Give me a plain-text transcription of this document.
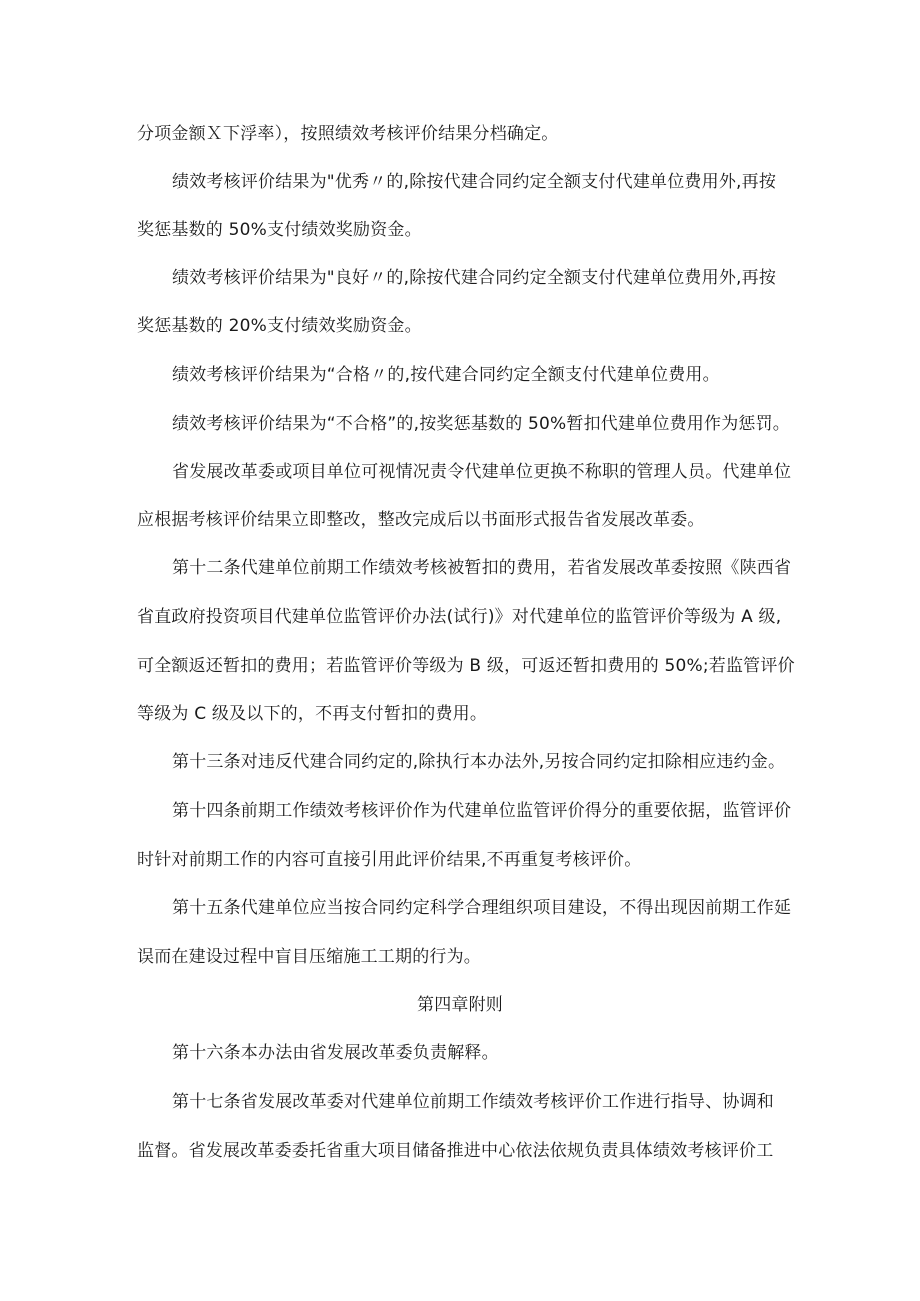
分项金额Ｘ下浮率），按照绩效考核评价结果分档确定。
绩效考核评价结果为"优秀〃的,除按代建合同约定全额支付代建单位费用外,再按
奖惩基数的 50%支付绩效奖励资金。
绩效考核评价结果为"良好〃的,除按代建合同约定全额支付代建单位费用外,再按
奖惩基数的 20%支付绩效奖励资金。
绩效考核评价结果为“合格〃的,按代建合同约定全额支付代建单位费用。
绩效考核评价结果为“不合格”的,按奖惩基数的 50%暂扣代建单位费用作为惩罚。
省发展改革委或项目单位可视情况责令代建单位更换不称职的管理人员。代建单位
应根据考核评价结果立即整改，整改完成后以书面形式报告省发展改革委。
第十二条代建单位前期工作绩效考核被暂扣的费用，若省发展改革委按照《陕西省
省直政府投资项目代建单位监管评价办法(试行)》对代建单位的监管评价等级为 A 级,
可全额返还暂扣的费用；若监管评价等级为 B 级，可返还暂扣费用的 50%;若监管评价
等级为 C 级及以下的，不再支付暂扣的费用。
第十三条对违反代建合同约定的,除执行本办法外,另按合同约定扣除相应违约金。
第十四条前期工作绩效考核评价作为代建单位监管评价得分的重要依据，监管评价
时针对前期工作的内容可直接引用此评价结果,不再重复考核评价。
第十五条代建单位应当按合同约定科学合理组织项目建设，不得出现因前期工作延
误而在建设过程中盲目压缩施工工期的行为。
第四章附则
第十六条本办法由省发展改革委负责解释。
第十七条省发展改革委对代建单位前期工作绩效考核评价工作进行指导、协调和
监督。省发展改革委委托省重大项目储备推进中心依法依规负责具体绩效考核评价工
